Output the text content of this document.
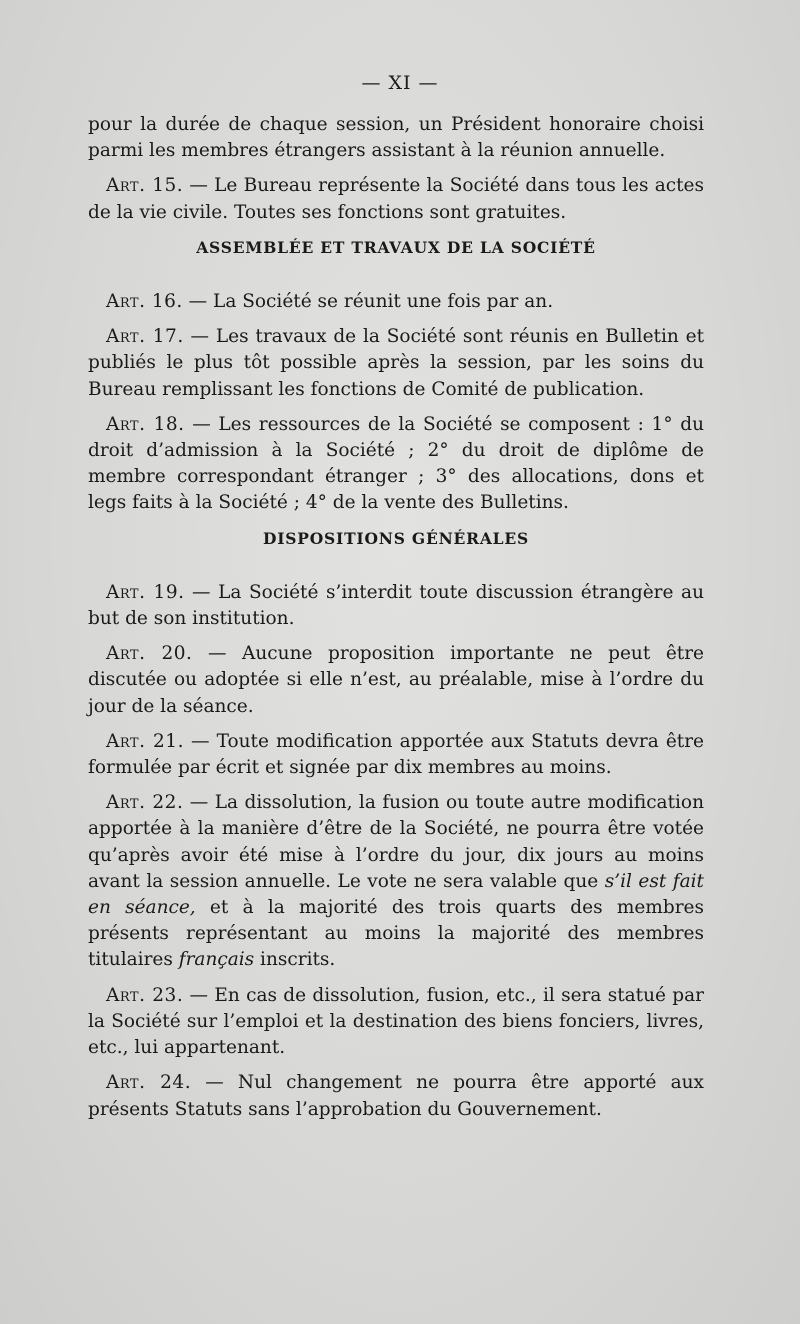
— XI —

pour la durée de chaque session, un Président honoraire choisi parmi les membres étrangers assistant à la réunion annuelle.

Art. 15. — Le Bureau représente la Société dans tous les actes de la vie civile. Toutes ses fonctions sont gratuites.

ASSEMBLÉE ET TRAVAUX DE LA SOCIÉTÉ

Art. 16. — La Société se réunit une fois par an.

Art. 17. — Les travaux de la Société sont réunis en Bulletin et publiés le plus tôt possible après la session, par les soins du Bureau remplissant les fonctions de Comité de publication.

Art. 18. — Les ressources de la Société se composent : 1° du droit d’admission à la Société ; 2° du droit de diplôme de membre correspondant étranger ; 3° des allocations, dons et legs faits à la Société ; 4° de la vente des Bulletins.

DISPOSITIONS GÉNÉRALES

Art. 19. — La Société s’interdit toute discussion étrangère au but de son institution.

Art. 20. — Aucune proposition importante ne peut être discutée ou adoptée si elle n’est, au préalable, mise à l’ordre du jour de la séance.

Art. 21. — Toute modification apportée aux Statuts devra être formulée par écrit et signée par dix membres au moins.

Art. 22. — La dissolution, la fusion ou toute autre modification apportée à la manière d’être de la Société, ne pourra être votée qu’après avoir été mise à l’ordre du jour, dix jours au moins avant la session annuelle. Le vote ne sera valable que s’il est fait en séance, et à la majorité des trois quarts des membres présents représentant au moins la majorité des membres titulaires français inscrits.

Art. 23. — En cas de dissolution, fusion, etc., il sera statué par la Société sur l’emploi et la destination des biens fonciers, livres, etc., lui appartenant.

Art. 24. — Nul changement ne pourra être apporté aux présents Statuts sans l’approbation du Gouvernement.
